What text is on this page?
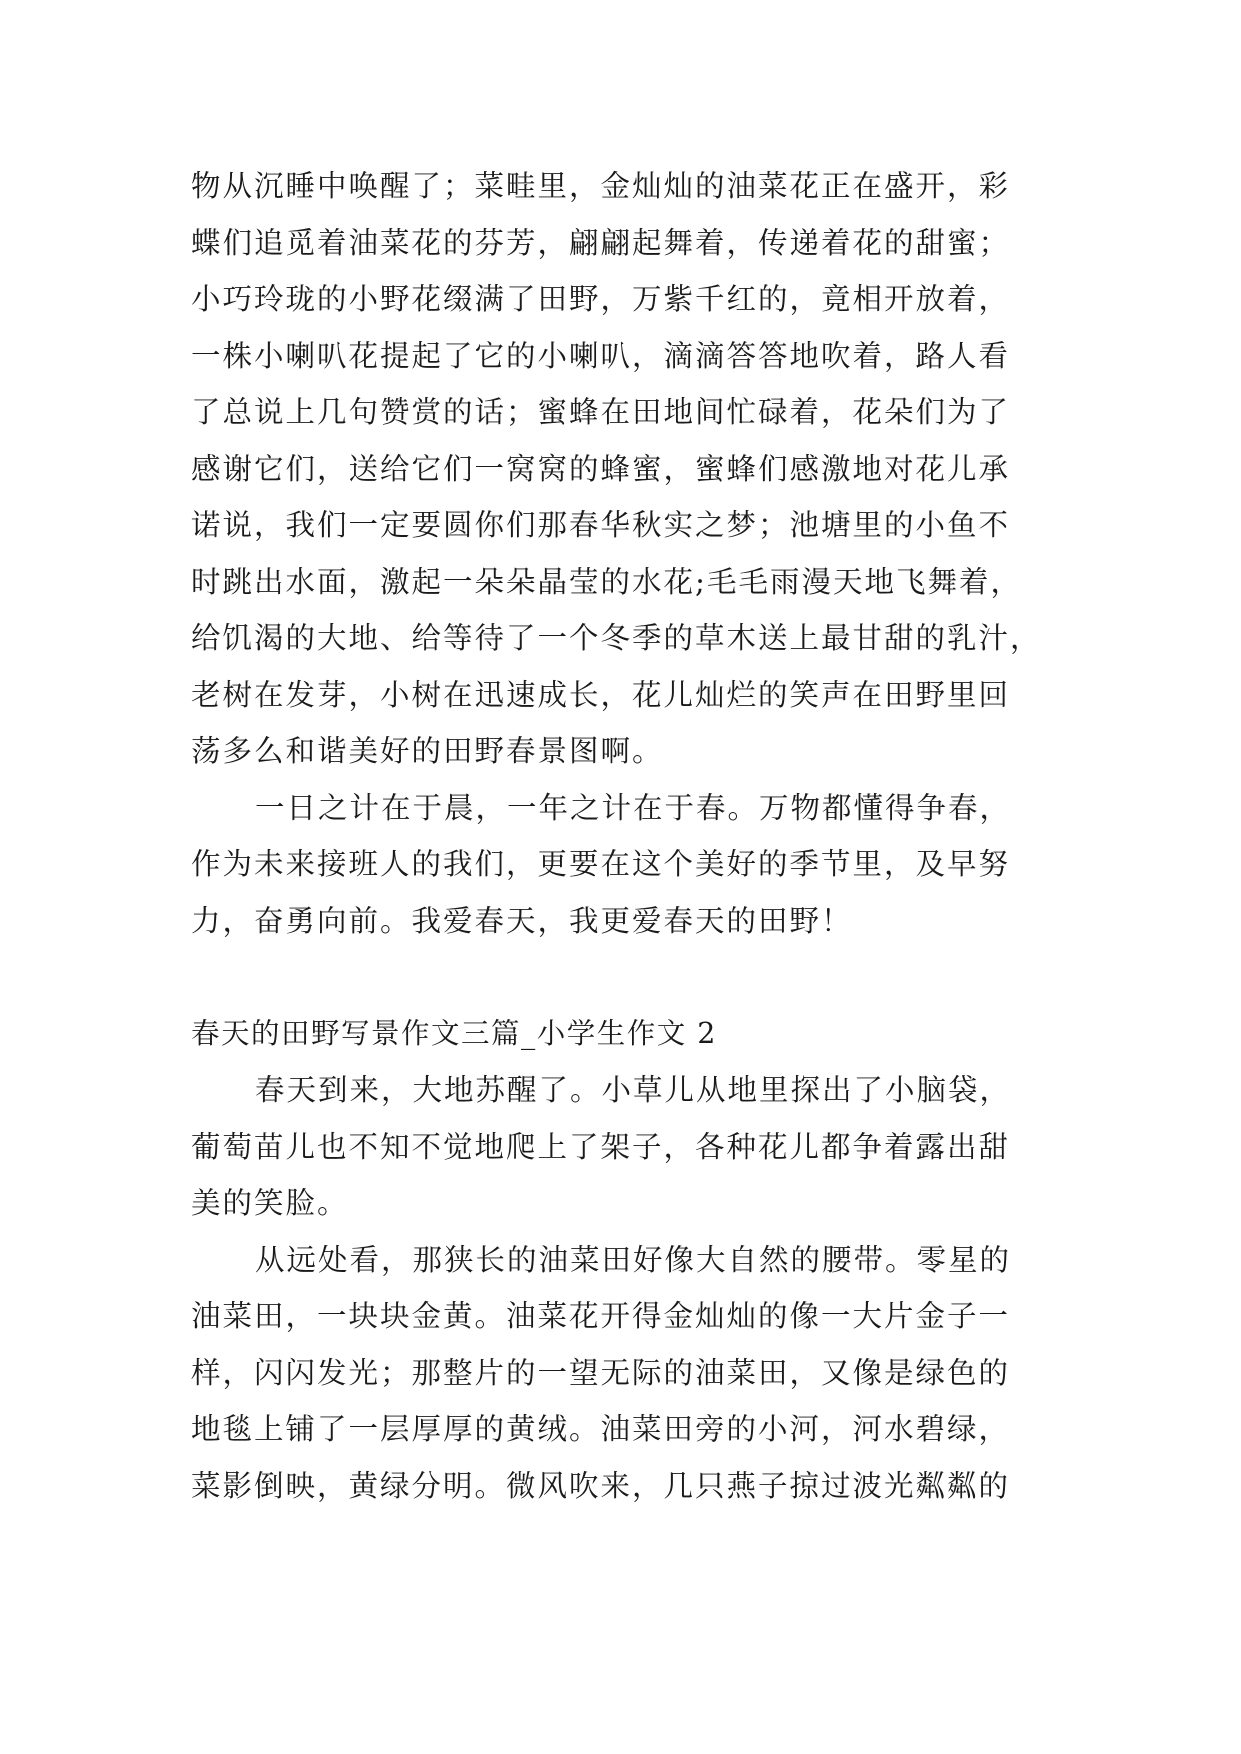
物从沉睡中唤醒了；菜畦里，金灿灿的油菜花正在盛开，彩
蝶们追觅着油菜花的芬芳，翩翩起舞着，传递着花的甜蜜；
小巧玲珑的小野花缀满了田野，万紫千红的，竟相开放着，
一株小喇叭花提起了它的小喇叭，滴滴答答地吹着，路人看
了总说上几句赞赏的话；蜜蜂在田地间忙碌着，花朵们为了
感谢它们，送给它们一窝窝的蜂蜜，蜜蜂们感激地对花儿承
诺说，我们一定要圆你们那春华秋实之梦；池塘里的小鱼不
时跳出水面，激起一朵朵晶莹的水花;毛毛雨漫天地飞舞着，
给饥渴的大地、给等待了一个冬季的草木送上最甘甜的乳汁，
老树在发芽，小树在迅速成长，花儿灿烂的笑声在田野里回
荡多么和谐美好的田野春景图啊。
一日之计在于晨，一年之计在于春。万物都懂得争春，
作为未来接班人的我们，更要在这个美好的季节里，及早努
力，奋勇向前。我爱春天，我更爱春天的田野！
春天的田野写景作文三篇_小学生作文 2
春天到来，大地苏醒了。小草儿从地里探出了小脑袋，
葡萄苗儿也不知不觉地爬上了架子，各种花儿都争着露出甜
美的笑脸。
从远处看，那狭长的油菜田好像大自然的腰带。零星的
油菜田，一块块金黄。油菜花开得金灿灿的像一大片金子一
样，闪闪发光；那整片的一望无际的油菜田，又像是绿色的
地毯上铺了一层厚厚的黄绒。油菜田旁的小河，河水碧绿，
菜影倒映，黄绿分明。微风吹来，几只燕子掠过波光粼粼的
